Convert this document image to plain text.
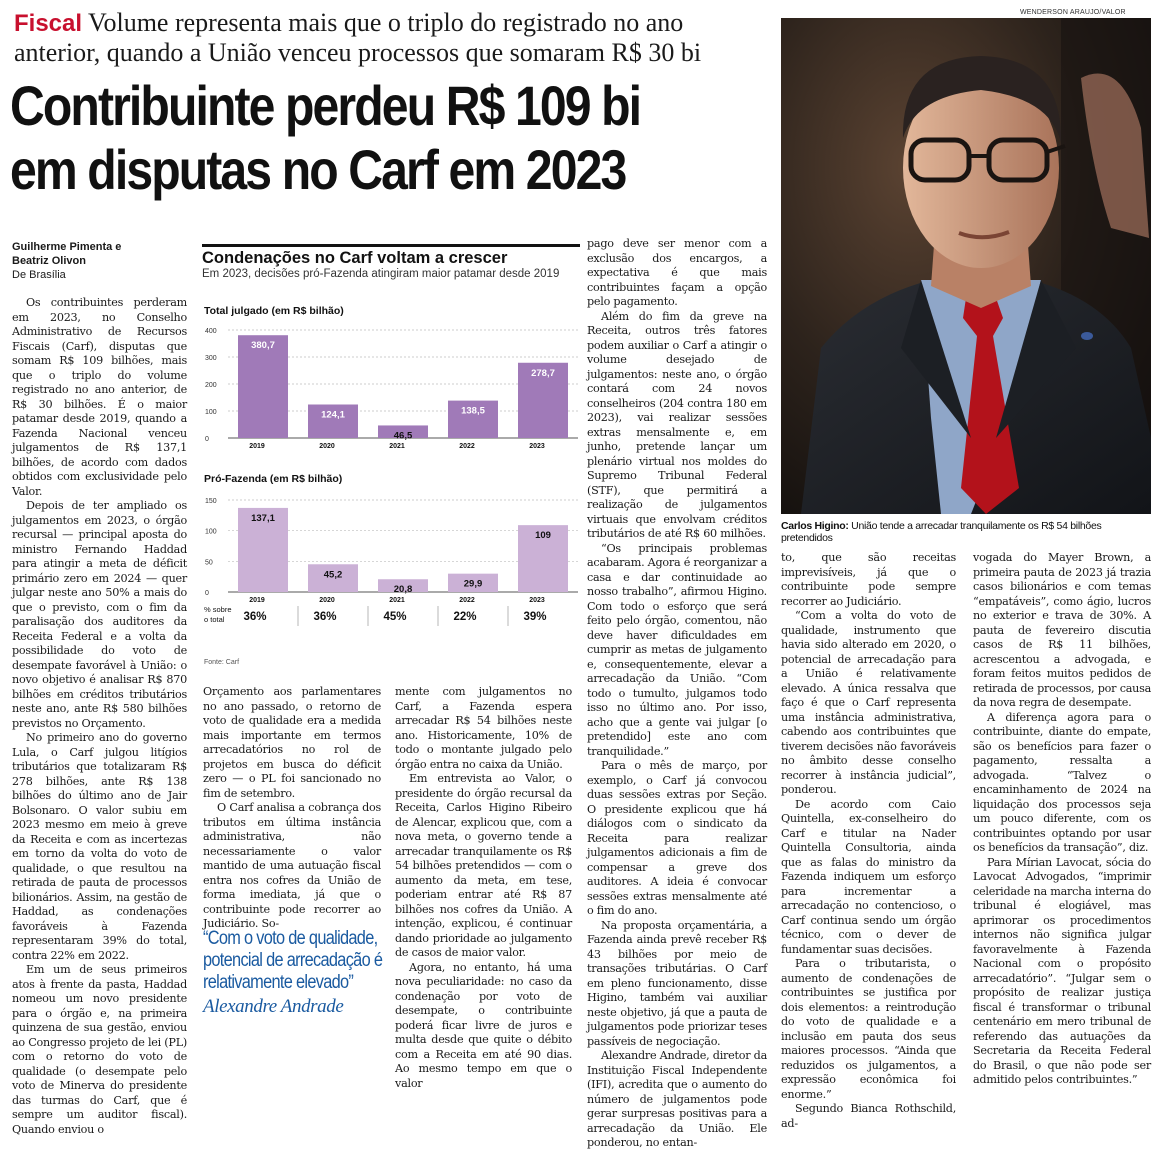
Fiscal Volume representa mais que o triplo do registrado no ano anterior, quando a União venceu processos que somaram R$ 30 bi
Contribuinte perdeu R$ 109 bi
em disputas no Carf em 2023
WENDERSON ARAUJO/VALOR
Carlos Higino: União tende a arrecadar tranquilamente os R$ 54 bilhões pretendidos
Guilherme Pimenta e
Beatriz Olivon
De Brasília

Os contribuintes perderam em 2023, no Conselho Administrativo de Recursos Fiscais (Carf), disputas que somam R$ 109 bilhões, mais que o triplo do volume registrado no ano anterior, de R$ 30 bilhões. É o maior patamar desde 2019, quando a Fazenda Nacional venceu julgamentos de R$ 137,1 bilhões, de acordo com dados obtidos com exclusividade pelo Valor.

Depois de ter ampliado os julgamentos em 2023, o órgão recursal — principal aposta do ministro Fernando Haddad para atingir a meta de déficit primário zero em 2024 — quer julgar neste ano 50% a mais do que o previsto, com o fim da paralisação dos auditores da Receita Federal e a volta da possibilidade do voto de desempate favorável à União: o novo objetivo é analisar R$ 870 bilhões em créditos tributários neste ano, ante R$ 580 bilhões previstos no Orçamento.

No primeiro ano do governo Lula, o Carf julgou litígios tributários que totalizaram R$ 278 bilhões, ante R$ 138 bilhões do último ano de Jair Bolsonaro. O valor subiu em 2023 mesmo em meio à greve da Receita e com as incertezas em torno da volta do voto de qualidade, o que resultou na retirada de pauta de processos bilionários. Assim, na gestão de Haddad, as condenações favoráveis à Fazenda representaram 39% do total, contra 22% em 2022.

Em um de seus primeiros atos à frente da pasta, Haddad nomeou um novo presidente para o órgão e, na primeira quinzena de sua gestão, enviou ao Congresso projeto de lei (PL) com o retorno do voto de qualidade (o desempate pelo voto de Minerva do presidente das turmas do Carf, que é sempre um auditor fiscal). Quando enviou o

Orçamento aos parlamentares no ano passado, o retorno de voto de qualidade era a medida mais importante em termos arrecadatórios no rol de projetos em busca do déficit zero — o PL foi sancionado no fim de setembro.

O Carf analisa a cobrança dos tributos em última instância administrativa, não necessariamente o valor mantido de uma autuação fiscal entra nos cofres da União de forma imediata, já que o contribuinte pode recorrer ao Judiciário. So-

mente com julgamentos no Carf, a Fazenda espera arrecadar R$ 54 bilhões neste ano. Historicamente, 10% de todo o montante julgado pelo órgão entra no caixa da União.

Em entrevista ao Valor, o presidente do órgão recursal da Receita, Carlos Higino Ribeiro de Alencar, explicou que, com a nova meta, o governo tende a arrecadar tranquilamente os R$ 54 bilhões pretendidos — com o aumento da meta, em tese, poderiam entrar até R$ 87 bilhões nos cofres da União. A intenção, explicou, é continuar dando prioridade ao julgamento de casos de maior valor.

Agora, no entanto, há uma nova peculiaridade: no caso da condenação por voto de desempate, o contribuinte poderá ficar livre de juros e multa desde que quite o débito com a Receita em até 90 dias. Ao mesmo tempo em que o valor

pago deve ser menor com a exclusão dos encargos, a expectativa é que mais contribuintes façam a opção pelo pagamento.

Além do fim da greve na Receita, outros três fatores podem auxiliar o Carf a atingir o volume desejado de julgamentos: neste ano, o órgão contará com 24 novos conselheiros (204 contra 180 em 2023), vai realizar sessões extras mensalmente e, em junho, pretende lançar um plenário virtual nos moldes do Supremo Tribunal Federal (STF), que permitirá a realização de julgamentos virtuais que envolvam créditos tributários de até R$ 60 milhões.

“Os principais problemas acabaram. Agora é reorganizar a casa e dar continuidade ao nosso trabalho”, afirmou Higino. Com todo o esforço que será feito pelo órgão, comentou, não deve haver dificuldades em cumprir as metas de julgamento e, consequentemente, elevar a arrecadação da União. “Com todo o tumulto, julgamos todo isso no último ano. Por isso, acho que a gente vai julgar [o pretendido] este ano com tranquilidade.”

Para o mês de março, por exemplo, o Carf já convocou duas sessões extras por Seção. O presidente explicou que há diálogos com o sindicato da Receita para realizar julgamentos adicionais a fim de compensar a greve dos auditores. A ideia é convocar sessões extras mensalmente até o fim do ano.

Na proposta orçamentária, a Fazenda ainda prevê receber R$ 43 bilhões por meio de transações tributárias. O Carf em pleno funcionamento, disse Higino, também vai auxiliar neste objetivo, já que a pauta de julgamentos pode priorizar teses passíveis de negociação.

Alexandre Andrade, diretor da Instituição Fiscal Independente (IFI), acredita que o aumento do número de julgamentos pode gerar surpresas positivas para a arrecadação da União. Ele ponderou, no entan-

to, que são receitas imprevisíveis, já que o contribuinte pode sempre recorrer ao Judiciário.

“Com a volta do voto de qualidade, instrumento que havia sido alterado em 2020, o potencial de arrecadação para a União é relativamente elevado. A única ressalva que faço é que o Carf representa uma instância administrativa, cabendo aos contribuintes que tiverem decisões não favoráveis no âmbito desse conselho recorrer à instância judicial”, ponderou.

De acordo com Caio Quintella, ex-conselheiro do Carf e titular na Nader Quintella Consultoria, ainda que as falas do ministro da Fazenda indiquem um esforço para incrementar a arrecadação no contencioso, o Carf continua sendo um órgão técnico, com o dever de fundamentar suas decisões.

Para o tributarista, o aumento de condenações de contribuintes se justifica por dois elementos: a reintrodução do voto de qualidade e a inclusão em pauta dos seus maiores processos. “Ainda que reduzidos os julgamentos, a expressão econômica foi enorme.”

Segundo Bianca Rothschild, ad-

vogada do Mayer Brown, a primeira pauta de 2023 já trazia casos bilionários e com temas “empatáveis”, como ágio, lucros no exterior e trava de 30%. A pauta de fevereiro discutia casos de R$ 11 bilhões, acrescentou a advogada, e foram feitos muitos pedidos de retirada de processos, por causa da nova regra de desempate.

A diferença agora para o contribuinte, diante do empate, são os benefícios para fazer o pagamento, ressalta a advogada. “Talvez o encaminhamento de 2024 na liquidação dos processos seja um pouco diferente, com os contribuintes optando por usar os benefícios da transação”, diz.

Para Mírian Lavocat, sócia do Lavocat Advogados, “imprimir celeridade na marcha interna do tribunal é elogiável, mas aprimorar os procedimentos internos não significa julgar favoravelmente à Fazenda Nacional com o propósito arrecadatório”. “Julgar sem o propósito de realizar justiça fiscal é transformar o tribunal centenário em mero tribunal de referendo das autuações da Secretaria da Receita Federal do Brasil, o que não pode ser admitido pelos contribuintes.”

Condenações no Carf voltam a crescer
Em 2023, decisões pró-Fazenda atingiram maior patamar desde 2019
Total julgado (em R$ bilhão)
400
300
200
100
0
380,7
2019
124,1
2020
46,5
2021
138,5
2022
278,7
2023
Pró-Fazenda (em R$ bilhão)
150
100
50
0
137,1
2019
45,2
2020
20,8
2021
29,9
2022
109
2023
% sobre
o total 36%	36%	45%	22%	39%
Fonte: Carf
“Com o voto de qualidade, potencial de arrecadação é relativamente elevado”
Alexandre Andrade
